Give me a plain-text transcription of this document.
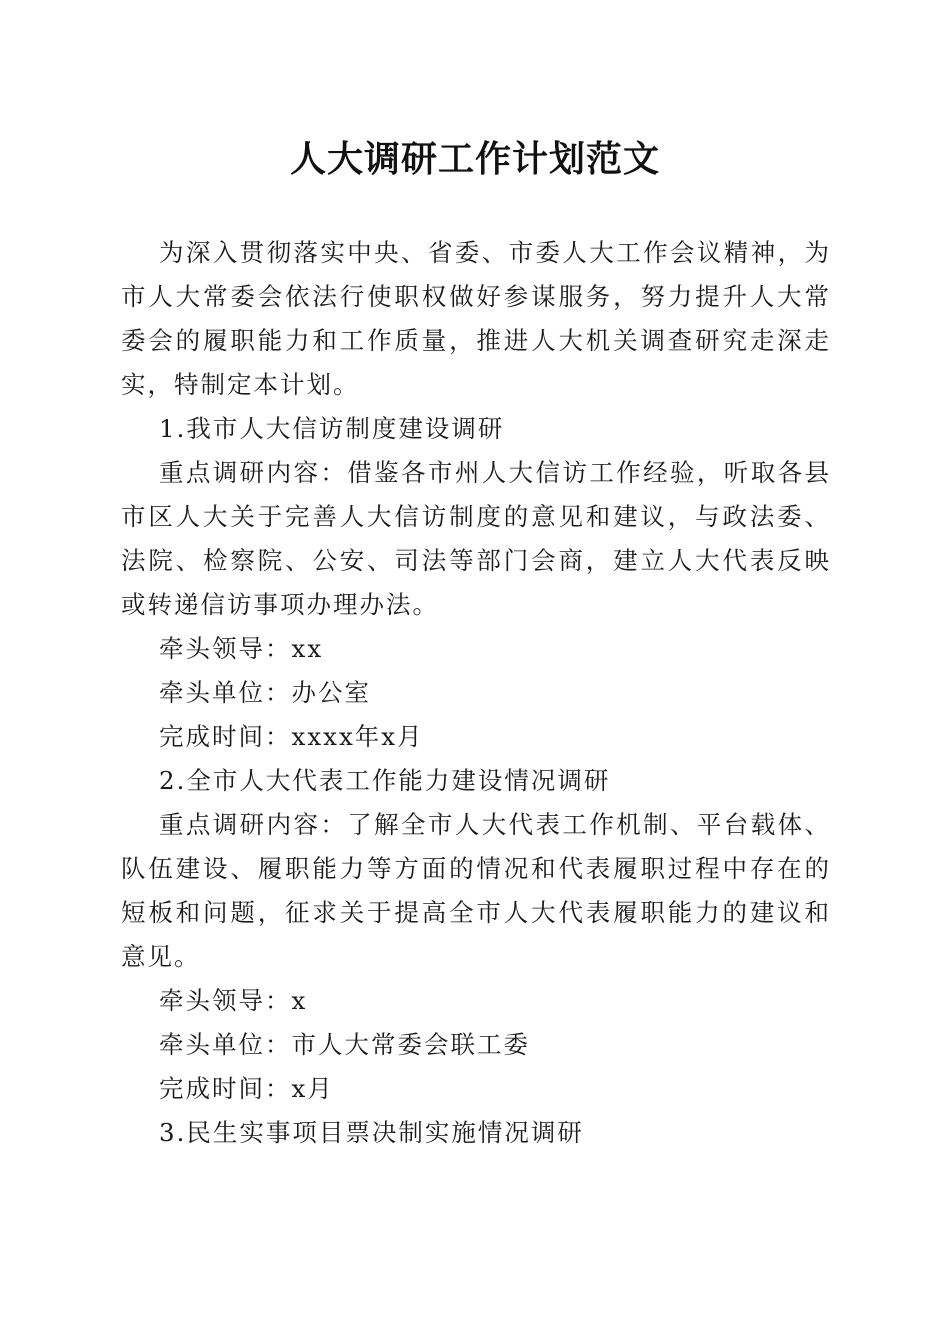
人大调研工作计划范文

为深入贯彻落实中央、省委、市委人大工作会议精神，为市人大常委会依法行使职权做好参谋服务，努力提升人大常委会的履职能力和工作质量，推进人大机关调查研究走深走实，特制定本计划。

1.我市人大信访制度建设调研

重点调研内容：借鉴各市州人大信访工作经验，听取各县市区人大关于完善人大信访制度的意见和建议，与政法委、法院、检察院、公安、司法等部门会商，建立人大代表反映或转递信访事项办理办法。

牵头领导：xx

牵头单位：办公室

完成时间：xxxx年x月

2.全市人大代表工作能力建设情况调研

重点调研内容：了解全市人大代表工作机制、平台载体、队伍建设、履职能力等方面的情况和代表履职过程中存在的短板和问题，征求关于提高全市人大代表履职能力的建议和意见。

牵头领导：x

牵头单位：市人大常委会联工委

完成时间：x月

3.民生实事项目票决制实施情况调研
